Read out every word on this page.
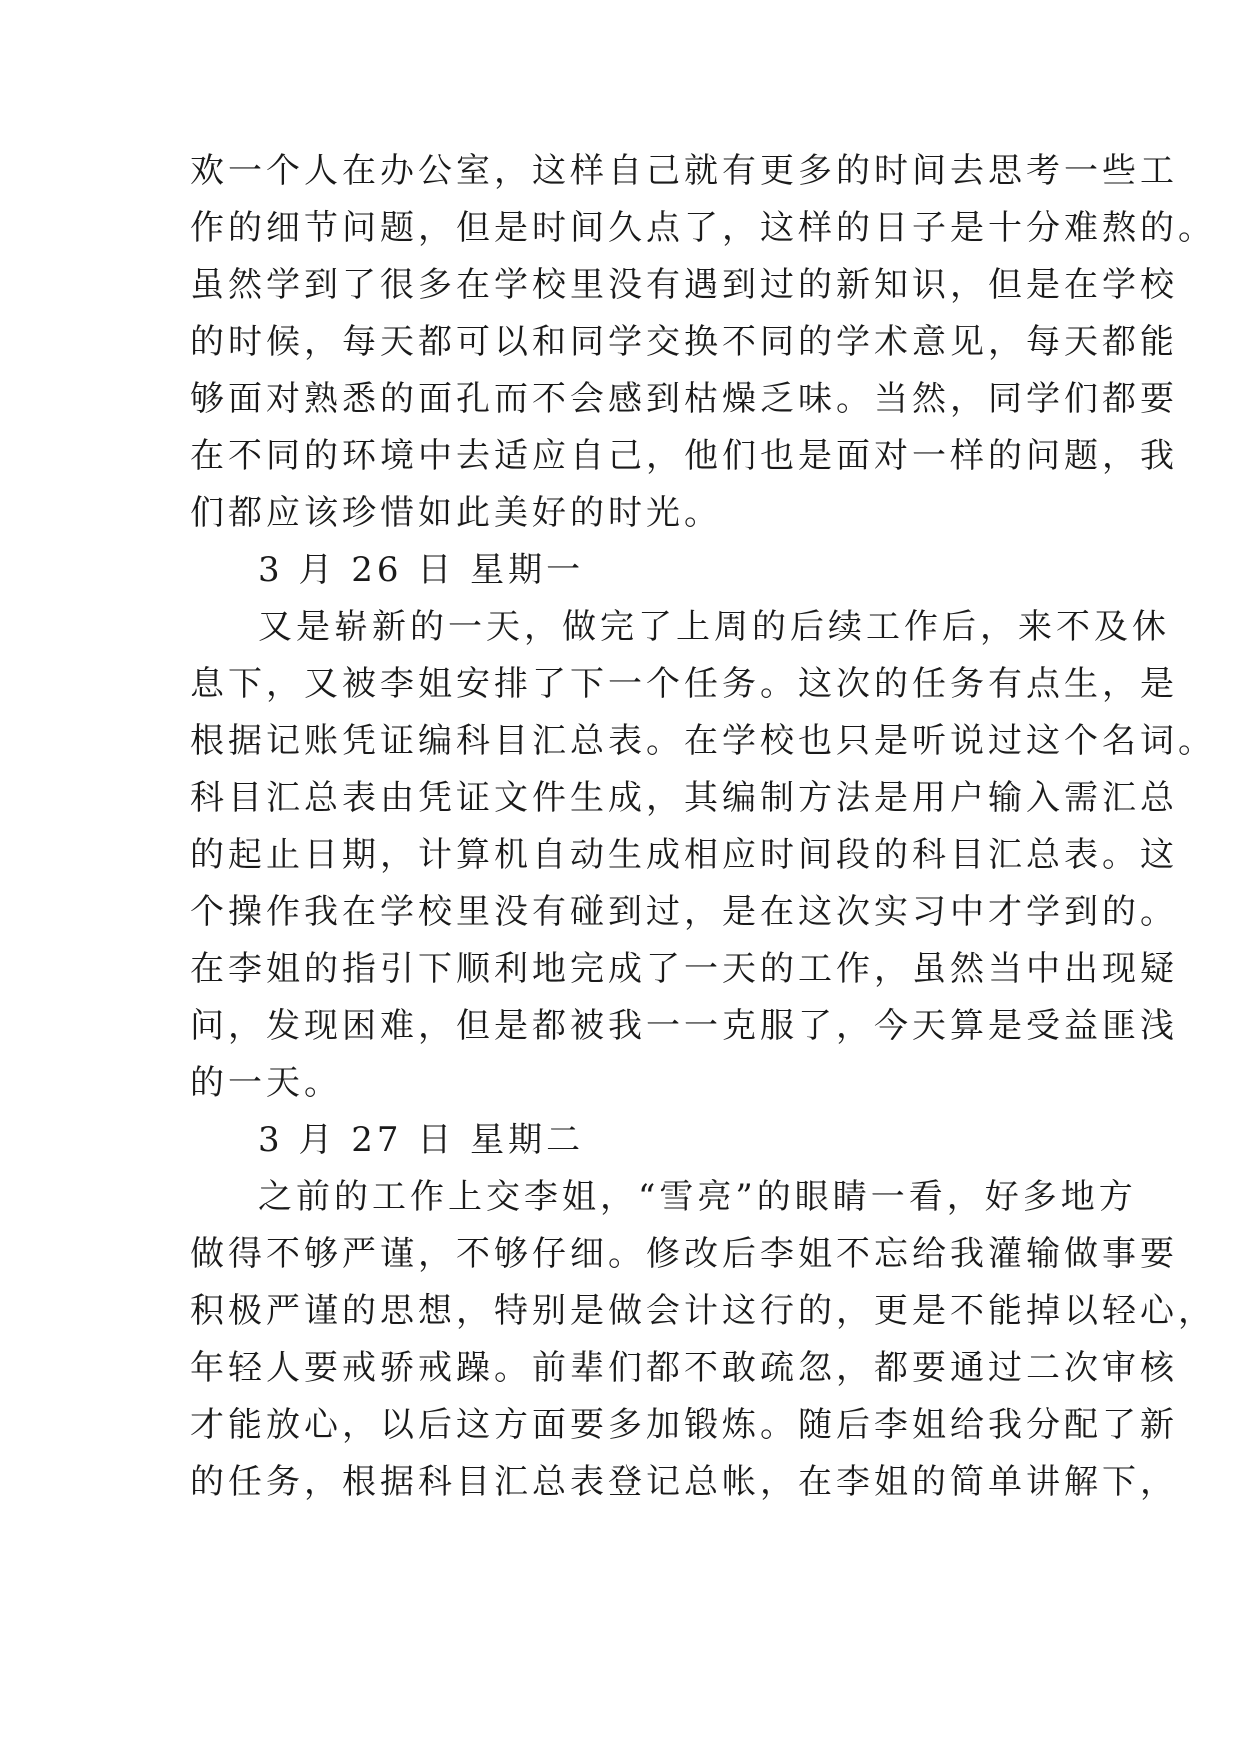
欢一个人在办公室，这样自己就有更多的时间去思考一些工
作的细节问题，但是时间久点了，这样的日子是十分难熬的。
虽然学到了很多在学校里没有遇到过的新知识，但是在学校
的时候，每天都可以和同学交换不同的学术意见，每天都能
够面对熟悉的面孔而不会感到枯燥乏味。当然，同学们都要
在不同的环境中去适应自己，他们也是面对一样的问题，我
们都应该珍惜如此美好的时光。
3 月 26 日 星期一
又是崭新的一天，做完了上周的后续工作后，来不及休
息下，又被李姐安排了下一个任务。这次的任务有点生，是
根据记账凭证编科目汇总表。在学校也只是听说过这个名词。
科目汇总表由凭证文件生成，其编制方法是用户输入需汇总
的起止日期，计算机自动生成相应时间段的科目汇总表。这
个操作我在学校里没有碰到过，是在这次实习中才学到的。
在李姐的指引下顺利地完成了一天的工作，虽然当中出现疑
问，发现困难，但是都被我一一克服了，今天算是受益匪浅
的一天。
3 月 27 日 星期二
之前的工作上交李姐，“雪亮”的眼睛一看，好多地方
做得不够严谨，不够仔细。修改后李姐不忘给我灌输做事要
积极严谨的思想，特别是做会计这行的，更是不能掉以轻心，
年轻人要戒骄戒躁。前辈们都不敢疏忽，都要通过二次审核
才能放心，以后这方面要多加锻炼。随后李姐给我分配了新
的任务，根据科目汇总表登记总帐，在李姐的简单讲解下，
